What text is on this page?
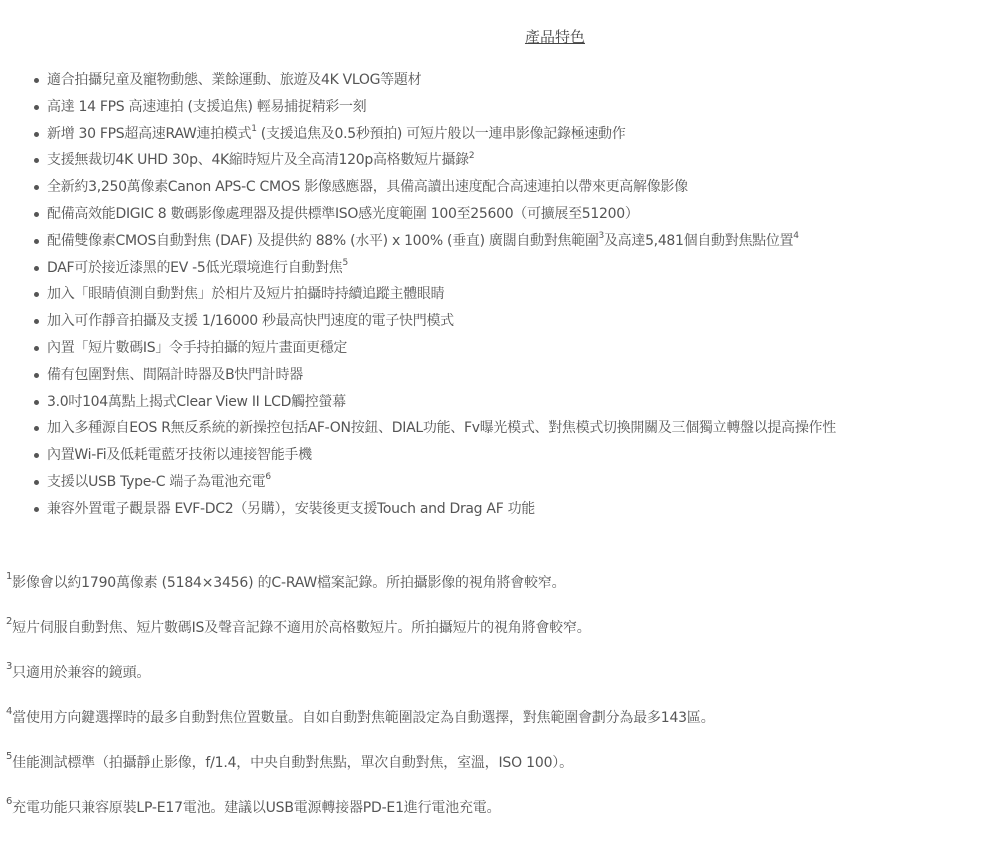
產品特色
適合拍攝兒童及寵物動態、業餘運動、旅遊及4K VLOG等題材
高達 14 FPS 高速連拍 (支援追焦) 輕易捕捉精彩一刻
新增 30 FPS超高速RAW連拍模式$^1$ (支援追焦及0.5秒預拍) 可短片般以一連串影像記錄極速動作
支援無裁切4K UHD 30p、4K縮時短片及全高清120p高格數短片攝錄$^2$
全新約3,250萬像素Canon APS-C CMOS 影像感應器，具備高讀出速度配合高速連拍以帶來更高解像影像
配備高效能DIGIC 8 數碼影像處理器及提供標準ISO感光度範圍 100至25600（可擴展至51200）
配備雙像素CMOS自動對焦 (DAF) 及提供約 88% (水平) x 100% (垂直) 廣闊自動對焦範圍$^3$及高達5,481個自動對焦點位置$^4$
DAF可於接近漆黑的EV -5低光環境進行自動對焦$^5$
加入「眼睛偵測自動對焦」於相片及短片拍攝時持續追蹤主體眼睛
加入可作靜音拍攝及支援 1/16000 秒最高快門速度的電子快門模式
內置「短片數碼IS」令手持拍攝的短片畫面更穩定
備有包圍對焦、間隔計時器及B快門計時器
3.0吋104萬點上揭式Clear View II LCD觸控螢幕
加入多種源自EOS R無反系統的新操控包括AF-ON按鈕、DIAL功能、Fv曝光模式、對焦模式切換開關及三個獨立轉盤以提高操作性
內置Wi-Fi及低耗電藍牙技術以連接智能手機
支援以USB Type-C 端子為電池充電$^6$
兼容外置電子觀景器 EVF-DC2（另購），安裝後更支援Touch and Drag AF 功能
$^1$影像會以約1790萬像素 (5184×3456) 的C-RAW檔案記錄。所拍攝影像的視角將會較窄。
$^2$短片伺服自動對焦、短片數碼IS及聲音記錄不適用於高格數短片。所拍攝短片的視角將會較窄。
$^3$只適用於兼容的鏡頭。
$^4$當使用方向鍵選擇時的最多自動對焦位置數量。自如自動對焦範圍設定為自動選擇，對焦範圍會劃分為最多143區。
$^5$佳能測試標準（拍攝靜止影像，f/1.4，中央自動對焦點，單次自動對焦，室溫，ISO 100）。
$^6$充電功能只兼容原裝LP-E17電池。建議以USB電源轉接器PD-E1進行電池充電。
